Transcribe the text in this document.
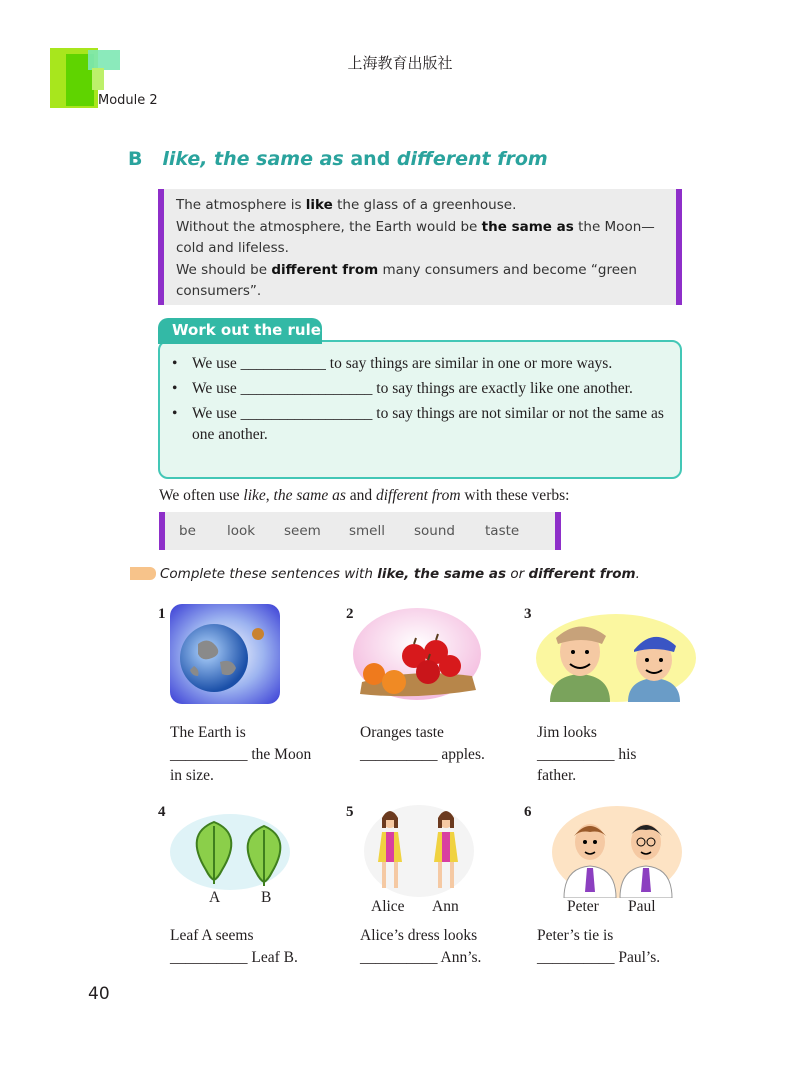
上海教育出版社
Module 2
B like, the same as and different from
The atmosphere is like the glass of a greenhouse.
Without the atmosphere, the Earth would be the same as the Moon—
cold and lifeless.
We should be different from many consumers and become “green
consumers”.
Work out the rule
• We use ___________ to say things are similar in one or more ways.
• We use _________________ to say things are exactly like one another.
• We use _________________ to say things are not similar or not the same as one another.
We often use like, the same as and different from with these verbs:
be look seem smell sound taste
Complete these sentences with like, the same as or different from.
1
The Earth is
__________ the Moon
in size.
2
Oranges taste
__________ apples.
3
Jim looks
__________ his
father.
4
A	B
Leaf A seems
__________ Leaf B.
5
Alice Ann
Alice’s dress looks
__________ Ann’s.
6
Peter Paul
Peter’s tie is
__________ Paul’s.
40
